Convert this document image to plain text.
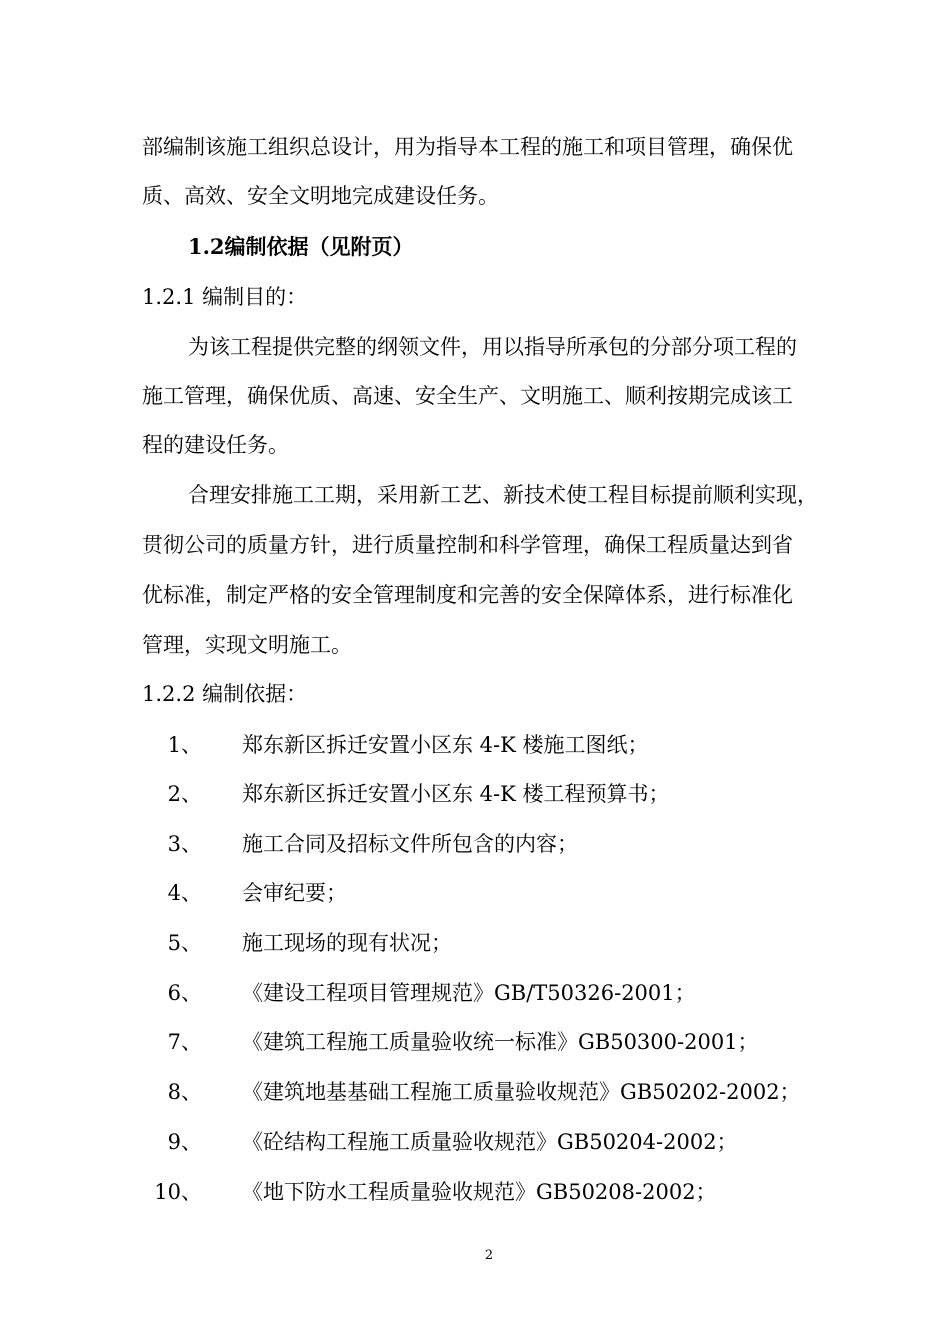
部编制该施工组织总设计，用为指导本工程的施工和项目管理，确保优
质、高效、安全文明地完成建设任务。
1.2编制依据（见附页）
1.2.1 编制目的：
为该工程提供完整的纲领文件，用以指导所承包的分部分项工程的
施工管理，确保优质、高速、安全生产、文明施工、顺利按期完成该工
程的建设任务。
合理安排施工工期，采用新工艺、新技术使工程目标提前顺利实现，
贯彻公司的质量方针，进行质量控制和科学管理，确保工程质量达到省
优标准，制定严格的安全管理制度和完善的安全保障体系，进行标准化
管理，实现文明施工。
1.2.2 编制依据：
1、 郑东新区拆迁安置小区东 4-K 楼施工图纸；
2、 郑东新区拆迁安置小区东 4-K 楼工程预算书；
3、 施工合同及招标文件所包含的内容；
4、 会审纪要；
5、 施工现场的现有状况；
6、 《建设工程项目管理规范》GB/T50326-2001；
7、 《建筑工程施工质量验收统一标准》GB50300-2001；
8、 《建筑地基基础工程施工质量验收规范》GB50202-2002；
9、 《砼结构工程施工质量验收规范》GB50204-2002；
10、 《地下防水工程质量验收规范》GB50208-2002；
2
